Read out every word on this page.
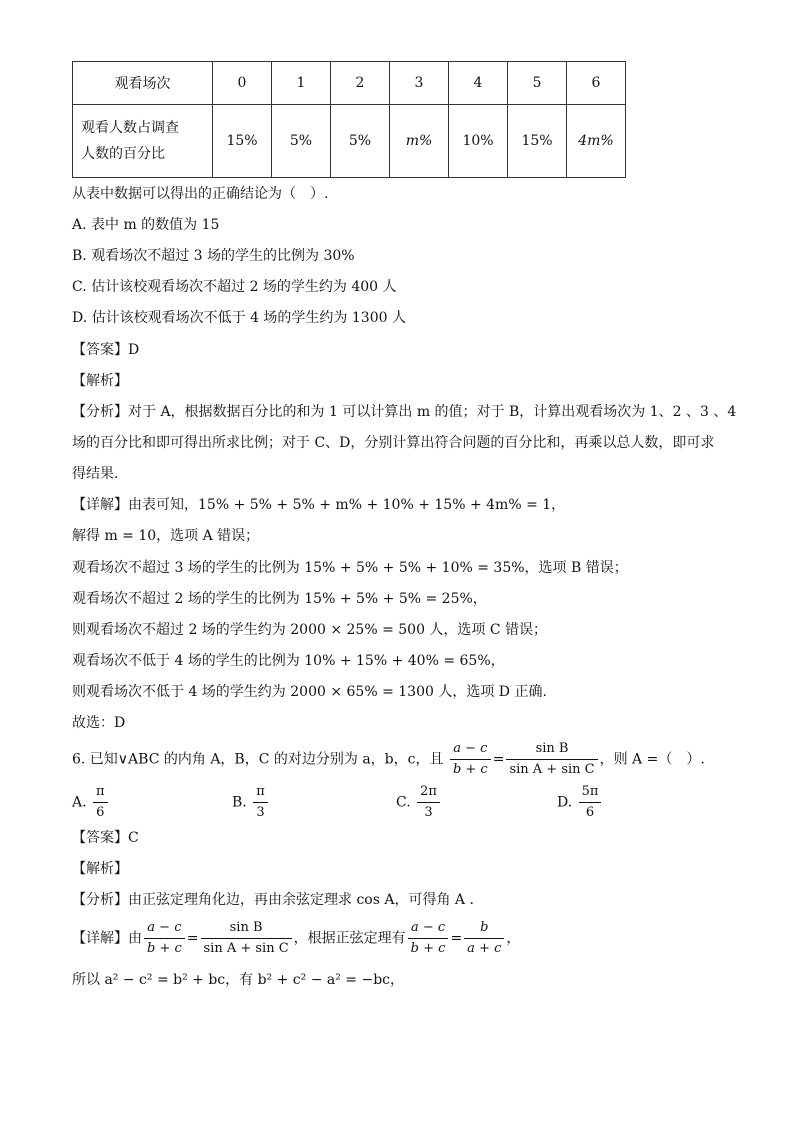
观看场次	0	1	2	3	4	5	6
观看人数占调查
人数的百分比	15%	5%	5%	m%	10%	15%	4m%
从表中数据可以得出的正确结论为（　）.
A. 表中 m 的数值为 15
B. 观看场次不超过 3 场的学生的比例为 30%
C. 估计该校观看场次不超过 2 场的学生约为 400 人
D. 估计该校观看场次不低于 4 场的学生约为 1300 人
【答案】D
【解析】
【分析】对于 A，根据数据百分比的和为 1 可以计算出 m 的值；对于 B，计算出观看场次为 1、2 、3 、4
场的百分比和即可得出所求比例；对于 C、D，分别计算出符合问题的百分比和，再乘以总人数，即可求
得结果.
【详解】由表可知，15% + 5% + 5% + m% + 10% + 15% + 4m% = 1，
解得 m = 10，选项 A 错误；
观看场次不超过 3 场的学生的比例为 15% + 5% + 5% + 10% = 35%，选项 B 错误；
观看场次不超过 2 场的学生的比例为 15% + 5% + 5% = 25%，
则观看场次不超过 2 场的学生约为 2000 × 25% = 500 人，选项 C 错误；
观看场次不低于 4 场的学生的比例为 10% + 15% + 40% = 65%，
则观看场次不低于 4 场的学生约为 2000 × 65% = 1300 人，选项 D 正确.
故选：D
6. 已知∨ABC 的内角 A，B，C 的对边分别为 a，b，c，且 $\frac{a - c}{b + c} = \frac{\text{sin B}}{\text{sin A + sin C}}$ ，则 A =（　）.
A. $\frac{\pi}{6}$	B. $\frac{\pi}{3}$	C. $\frac{2\pi}{3}$	D. $\frac{5\pi}{6}$
【答案】C
【解析】
【分析】由正弦定理角化边，再由余弦定理求 cos A，可得角 A .
【详解】由 $\frac{a - c}{b + c} = \frac{\text{sin B}}{\text{sin A + sin C}}$ ，根据正弦定理有 $\frac{a - c}{b + c} = \frac{b}{a + c}$ ，
所以 a² − c² = b² + bc，有 b² + c² − a² = −bc，
